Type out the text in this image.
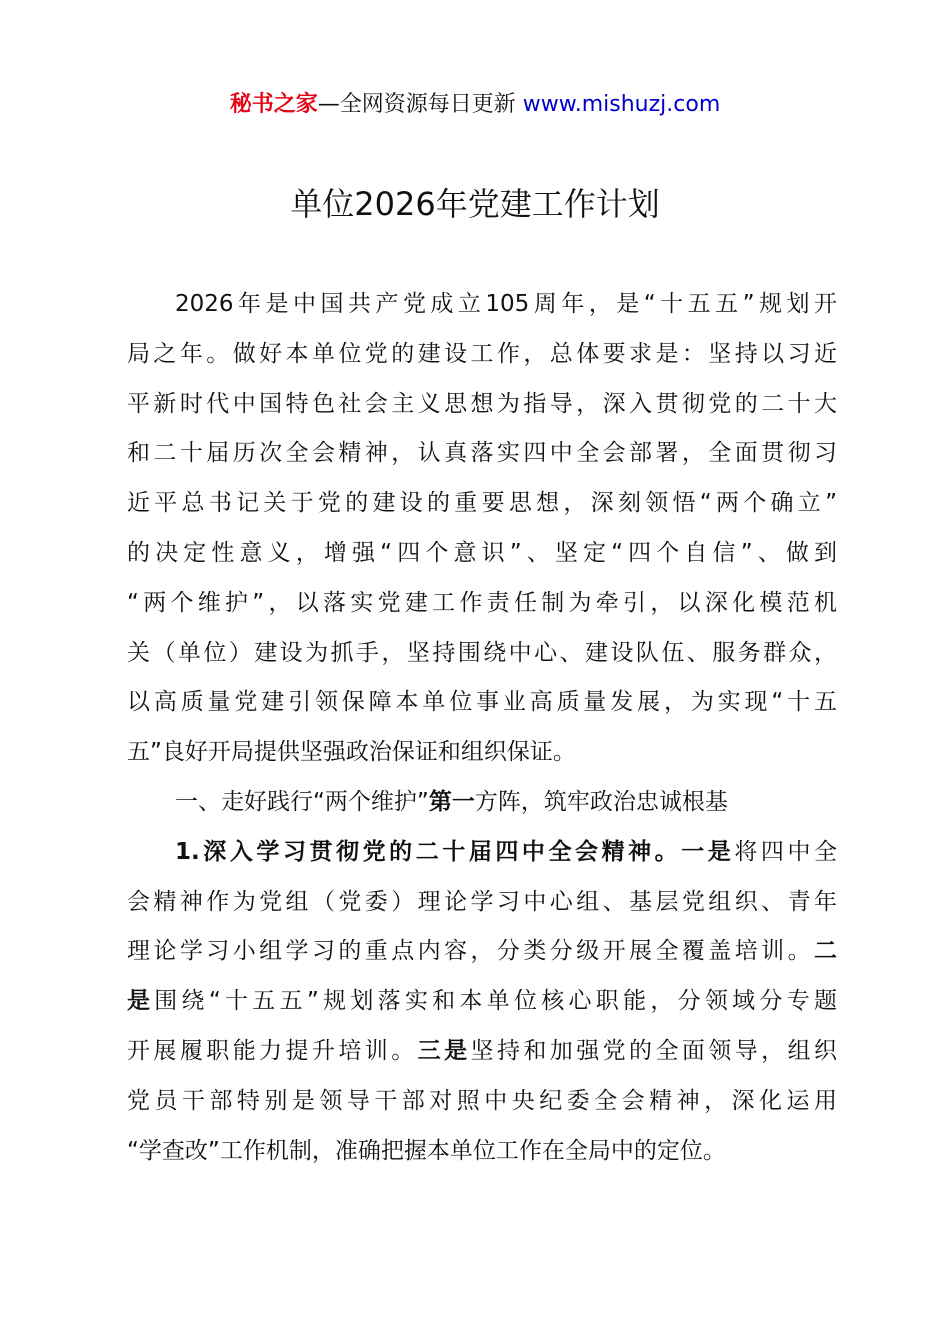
秘书之家—全网资源每日更新 www.mishuzj.com
单位2026年党建工作计划
2026年是中国共产党成立105周年，是“十五五”规划开
局之年。做好本单位党的建设工作，总体要求是：坚持以习近
平新时代中国特色社会主义思想为指导，深入贯彻党的二十大
和二十届历次全会精神，认真落实四中全会部署，全面贯彻习
近平总书记关于党的建设的重要思想，深刻领悟“两个确立”
的决定性意义，增强“四个意识”、坚定“四个自信”、做到
“两个维护”，以落实党建工作责任制为牵引，以深化模范机
关（单位）建设为抓手，坚持围绕中心、建设队伍、服务群众，
以高质量党建引领保障本单位事业高质量发展，为实现“十五
五”良好开局提供坚强政治保证和组织保证。
一、走好践行“两个维护”第一方阵，筑牢政治忠诚根基
1.深入学习贯彻党的二十届四中全会精神。一是将四中全
会精神作为党组（党委）理论学习中心组、基层党组织、青年
理论学习小组学习的重点内容，分类分级开展全覆盖培训。二
是围绕“十五五”规划落实和本单位核心职能，分领域分专题
开展履职能力提升培训。三是坚持和加强党的全面领导，组织
党员干部特别是领导干部对照中央纪委全会精神，深化运用
“学查改”工作机制，准确把握本单位工作在全局中的定位。
